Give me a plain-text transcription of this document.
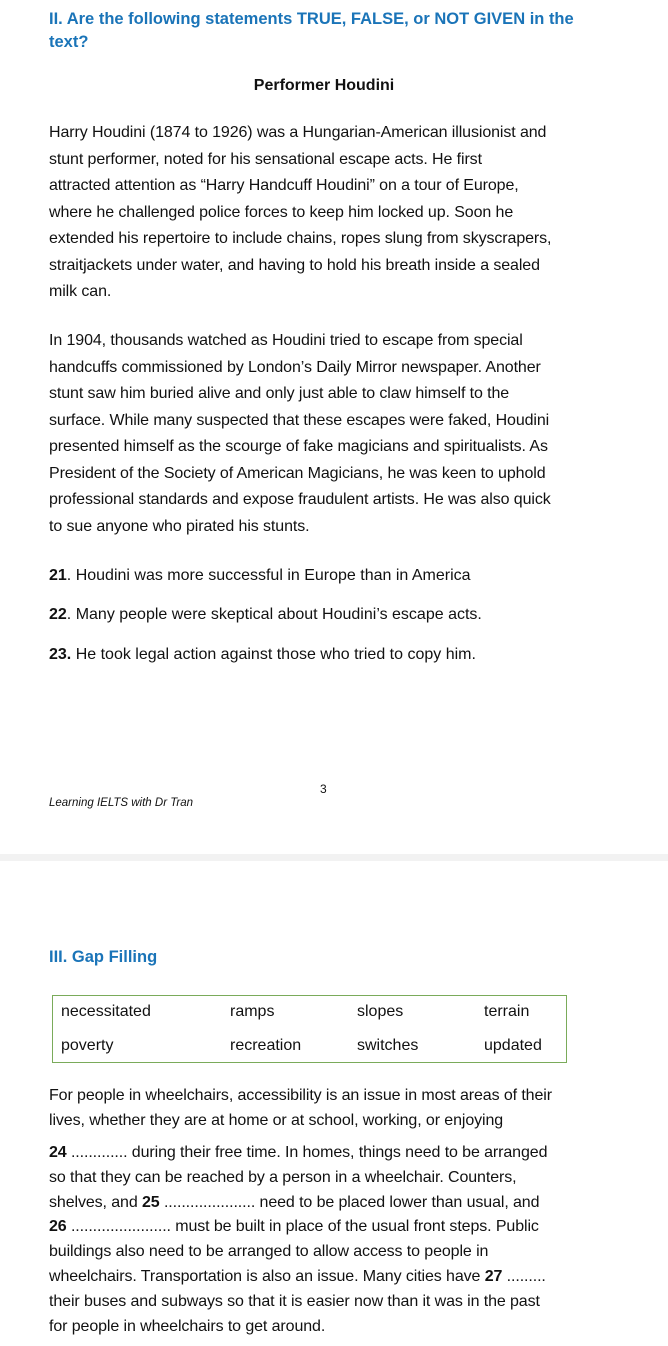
II. Are the following statements TRUE, FALSE, or NOT GIVEN in the
text?
Performer Houdini
Harry Houdini (1874 to 1926) was a Hungarian-American illusionist and
stunt performer, noted for his sensational escape acts. He first
attracted attention as “Harry Handcuff Houdini” on a tour of Europe,
where he challenged police forces to keep him locked up. Soon he
extended his repertoire to include chains, ropes slung from skyscrapers,
straitjackets under water, and having to hold his breath inside a sealed
milk can.
In 1904, thousands watched as Houdini tried to escape from special
handcuffs commissioned by London’s Daily Mirror newspaper. Another
stunt saw him buried alive and only just able to claw himself to the
surface. While many suspected that these escapes were faked, Houdini
presented himself as the scourge of fake magicians and spiritualists. As
President of the Society of American Magicians, he was keen to uphold
professional standards and expose fraudulent artists. He was also quick
to sue anyone who pirated his stunts.
21. Houdini was more successful in Europe than in America
22. Many people were skeptical about Houdini’s escape acts.
23. He took legal action against those who tried to copy him.
3
Learning IELTS with Dr Tran
III. Gap Filling
necessitated	ramps	slopes	terrain
poverty	recreation	switches	updated
For people in wheelchairs, accessibility is an issue in most areas of their
lives, whether they are at home or at school, working, or enjoying
24 ............. during their free time. In homes, things need to be arranged
so that they can be reached by a person in a wheelchair. Counters,
shelves, and 25 ..................... need to be placed lower than usual, and
26 ....................... must be built in place of the usual front steps. Public
buildings also need to be arranged to allow access to people in
wheelchairs. Transportation is also an issue. Many cities have 27 .........
their buses and subways so that it is easier now than it was in the past
for people in wheelchairs to get around.
